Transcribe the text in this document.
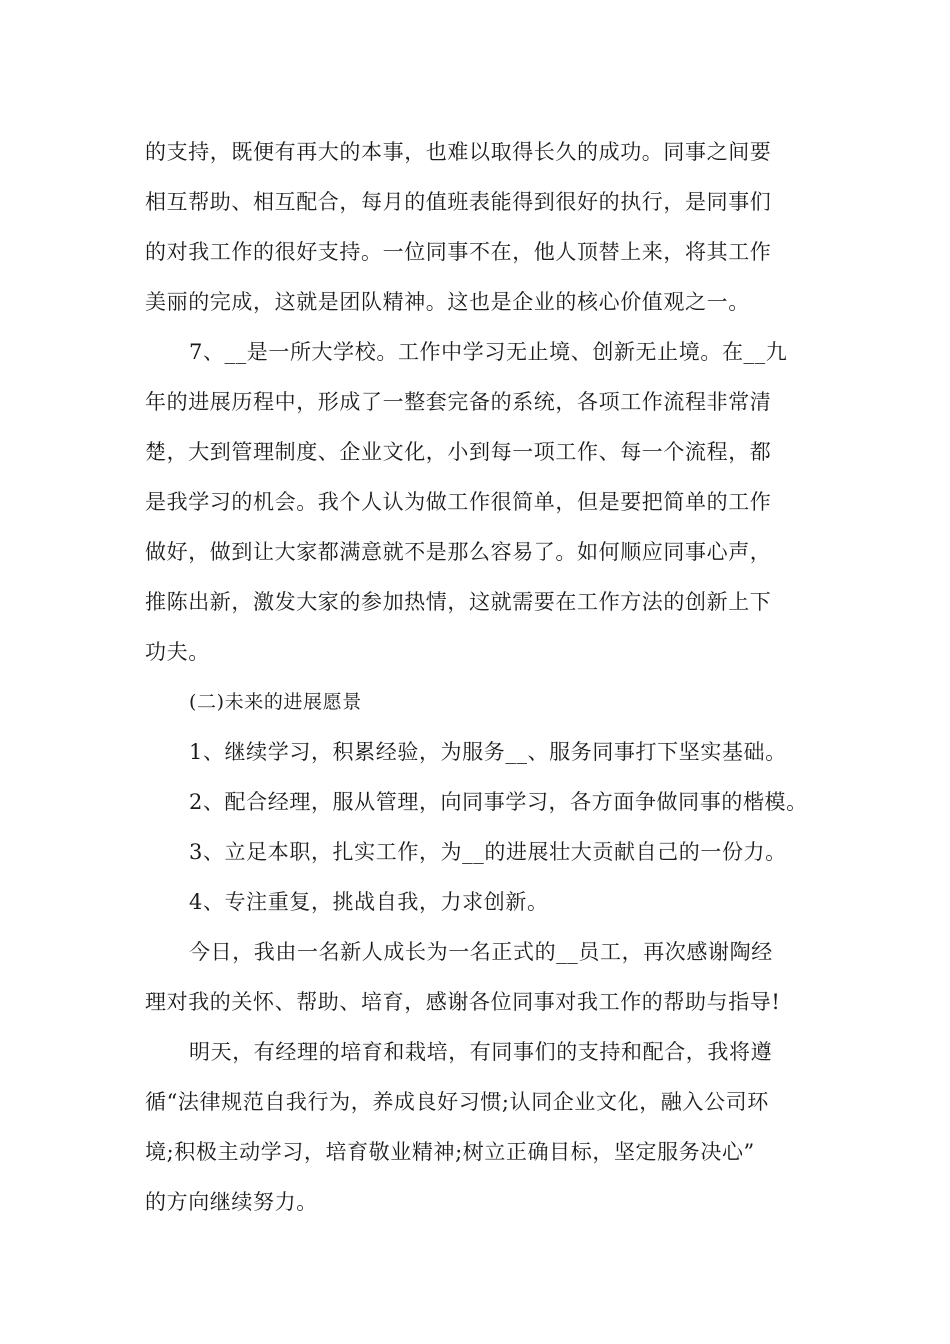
的支持，既便有再大的本事，也难以取得长久的成功。同事之间要
相互帮助、相互配合，每月的值班表能得到很好的执行，是同事们
的对我工作的很好支持。一位同事不在，他人顶替上来，将其工作
美丽的完成，这就是团队精神。这也是企业的核心价值观之一。
7、__是一所大学校。工作中学习无止境、创新无止境。在__九
年的进展历程中，形成了一整套完备的系统，各项工作流程非常清
楚，大到管理制度、企业文化，小到每一项工作、每一个流程，都
是我学习的机会。我个人认为做工作很简单，但是要把简单的工作
做好，做到让大家都满意就不是那么容易了。如何顺应同事心声，
推陈出新，激发大家的参加热情，这就需要在工作方法的创新上下
功夫。
(二)未来的进展愿景
1、继续学习，积累经验，为服务__、服务同事打下坚实基础。
2、配合经理，服从管理，向同事学习，各方面争做同事的楷模。
3、立足本职，扎实工作，为__的进展壮大贡献自己的一份力。
4、专注重复，挑战自我，力求创新。
今日，我由一名新人成长为一名正式的__员工，再次感谢陶经
理对我的关怀、帮助、培育，感谢各位同事对我工作的帮助与指导!
明天，有经理的培育和栽培，有同事们的支持和配合，我将遵
循“法律规范自我行为，养成良好习惯;认同企业文化，融入公司环
境;积极主动学习，培育敬业精神;树立正确目标，坚定服务决心”
的方向继续努力。
